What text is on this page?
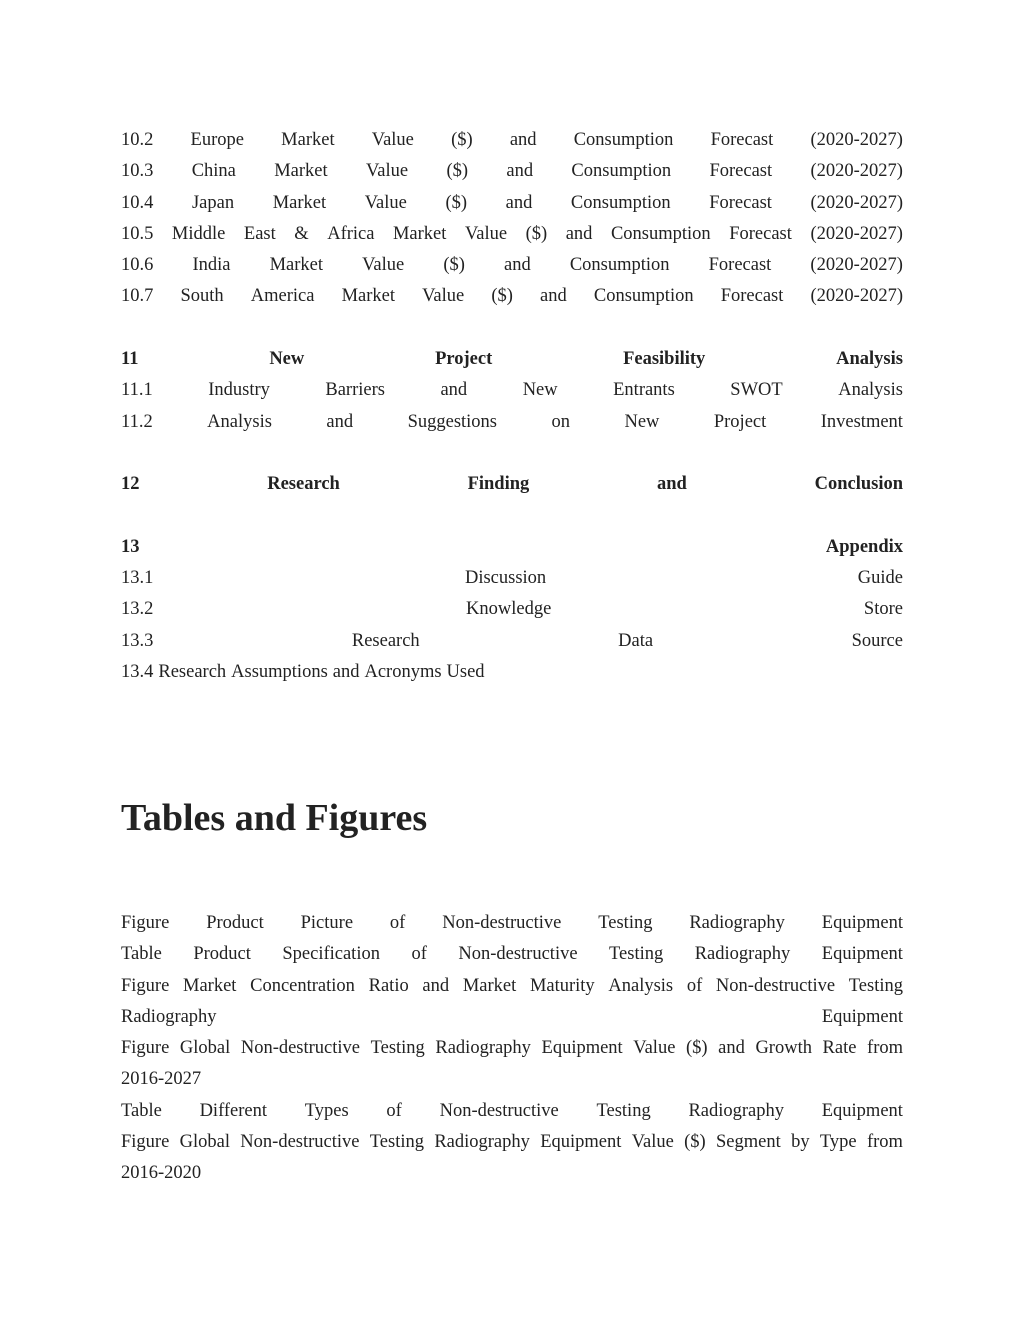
10.2 Europe Market Value ($) and Consumption Forecast (2020-2027)
10.3 China Market Value ($) and Consumption Forecast (2020-2027)
10.4 Japan Market Value ($) and Consumption Forecast (2020-2027)
10.5 Middle East & Africa Market Value ($) and Consumption Forecast (2020-2027)
10.6 India Market Value ($) and Consumption Forecast (2020-2027)
10.7 South America Market Value ($) and Consumption Forecast (2020-2027)
11	New	Project	Feasibility	Analysis
11.1	Industry	Barriers	and	New	Entrants	SWOT	Analysis
11.2	Analysis	and	Suggestions	on	New	Project	Investment
12	Research	Finding	and	Conclusion
13	Appendix
13.1	Discussion	Guide
13.2	Knowledge	Store
13.3	Research	Data	Source
13.4 Research Assumptions and Acronyms Used
Tables and Figures
Figure Product Picture of Non-destructive Testing Radiography Equipment
Table Product Specification of Non-destructive Testing Radiography Equipment
Figure Market Concentration Ratio and Market Maturity Analysis of Non-destructive Testing
Radiography	Equipment
Figure Global Non-destructive Testing Radiography Equipment Value ($) and Growth Rate from
2016-2027
Table Different Types of Non-destructive Testing Radiography Equipment
Figure Global Non-destructive Testing Radiography Equipment Value ($) Segment by Type from
2016-2020
